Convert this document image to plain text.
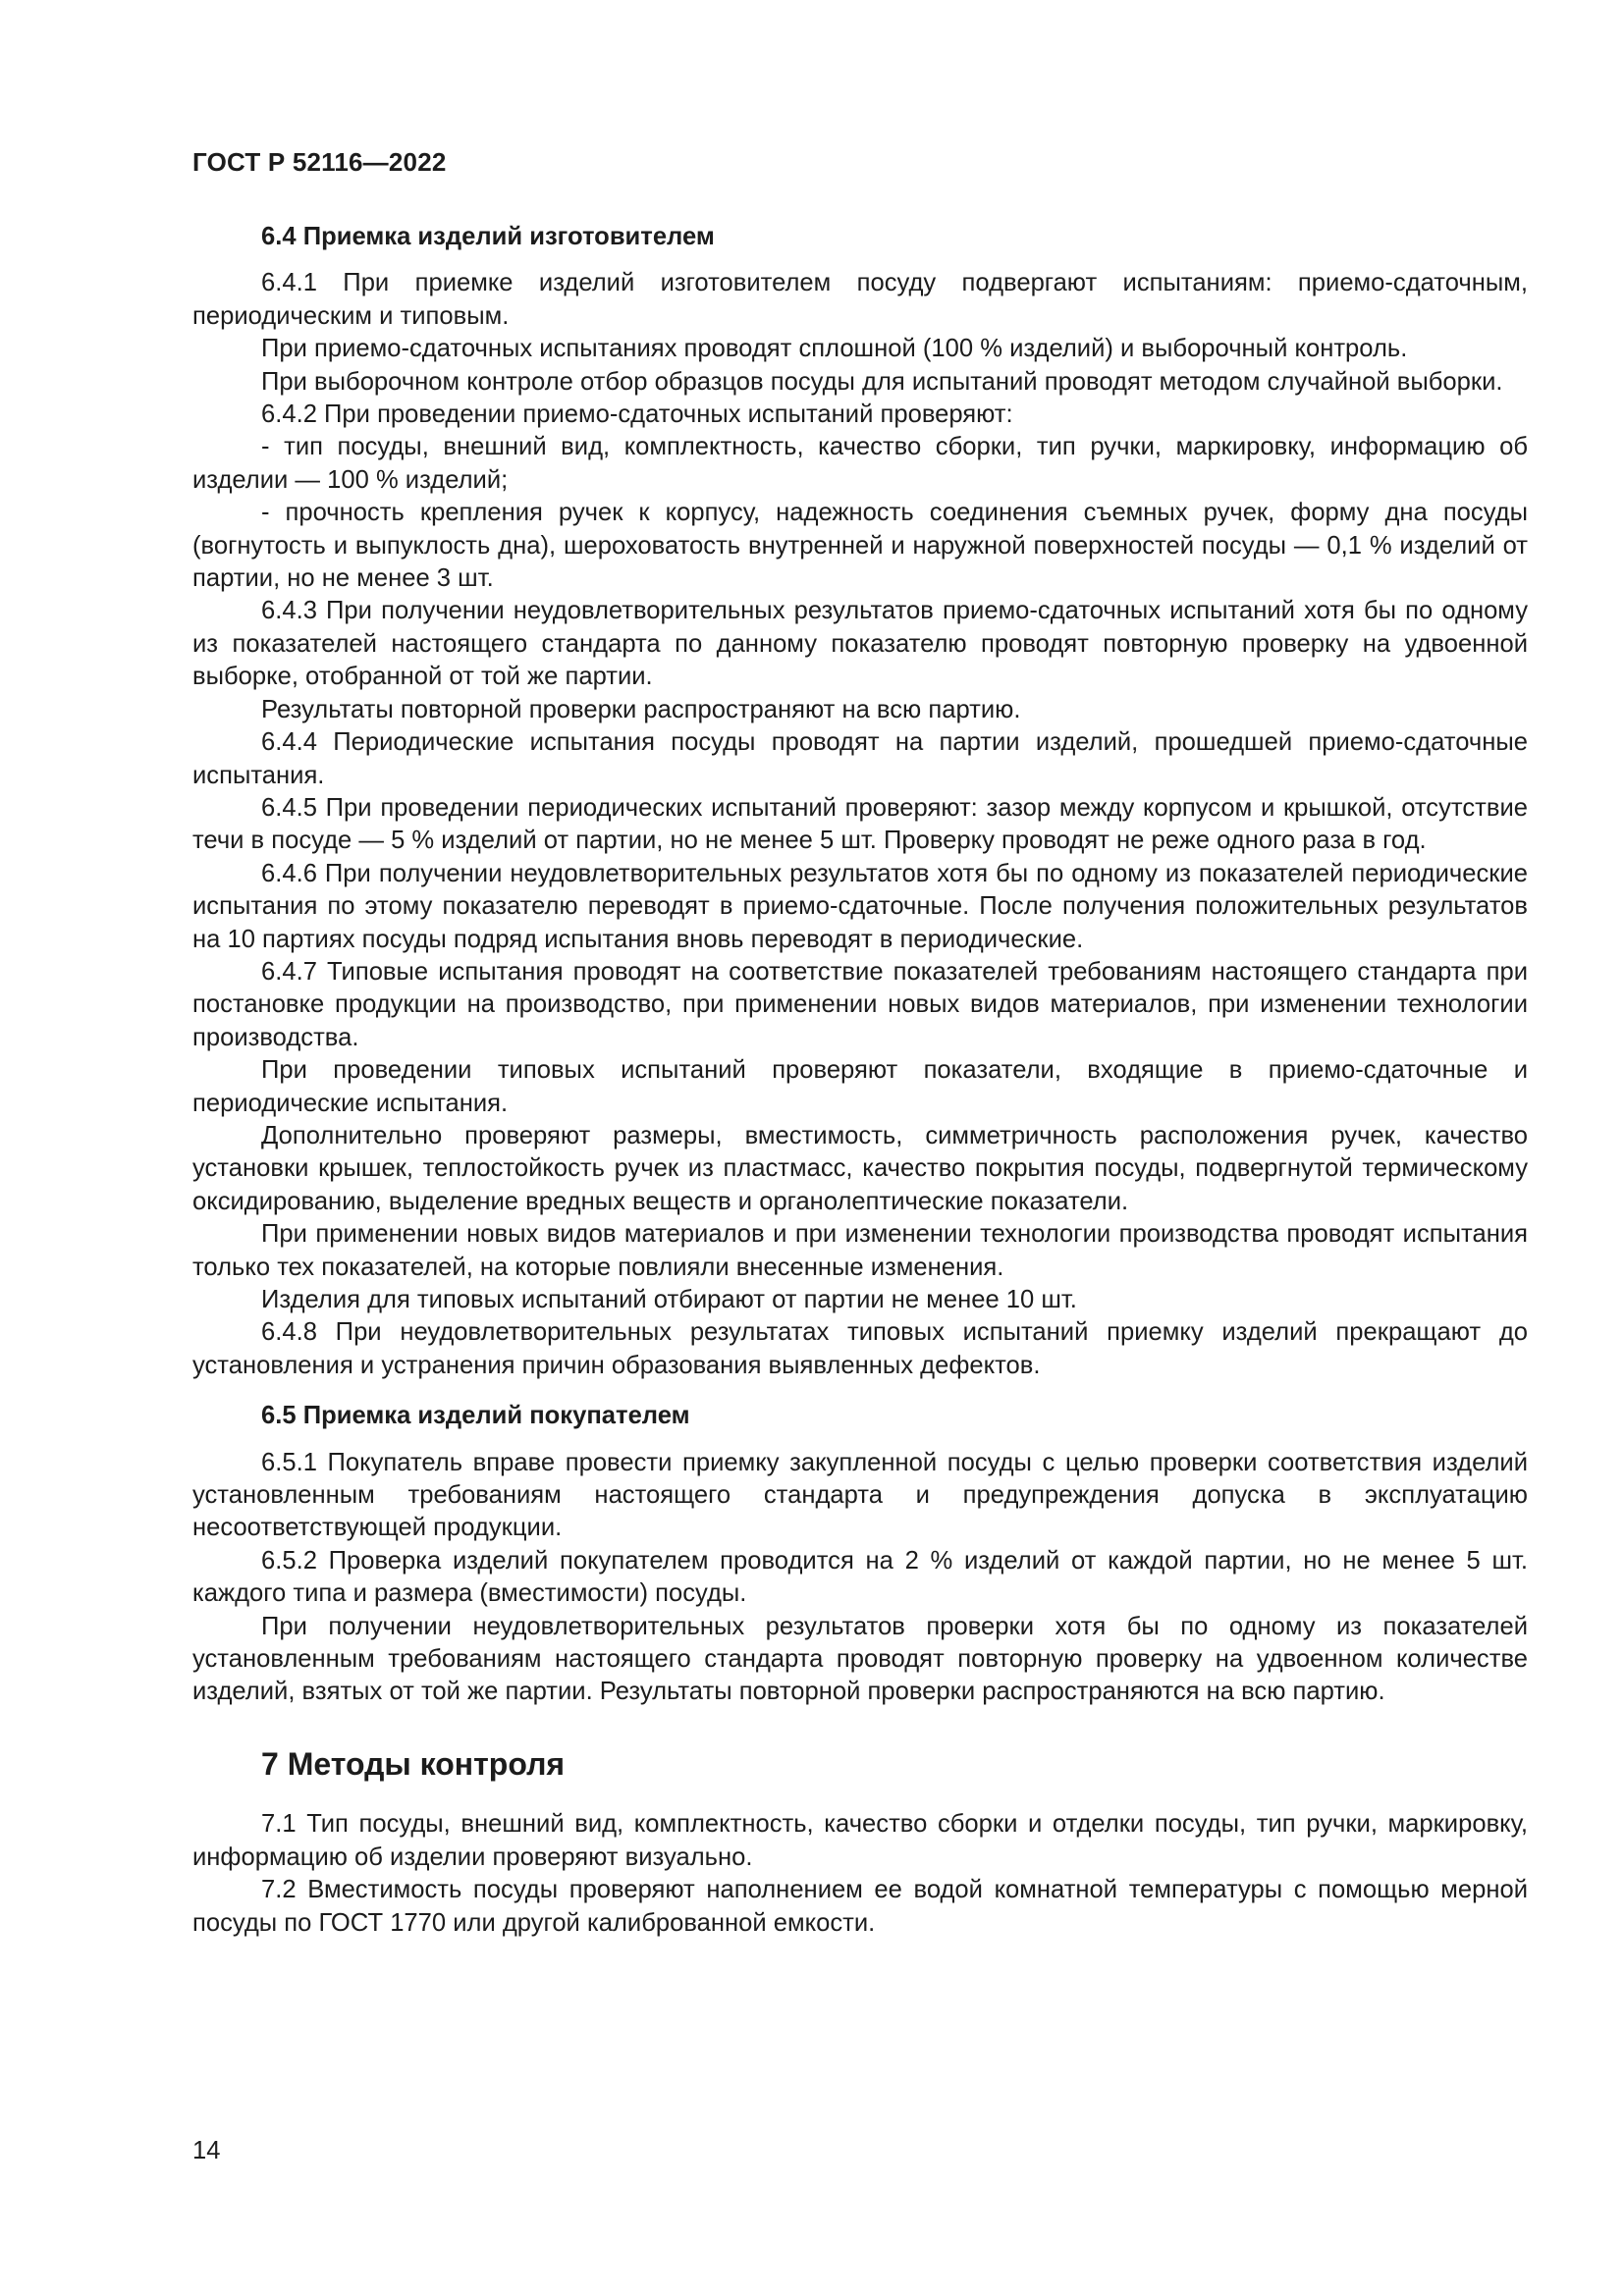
ГОСТ Р 52116—2022
6.4 Приемка изделий изготовителем

6.4.1 При приемке изделий изготовителем посуду подвергают испытаниям: приемо-сдаточным, периодическим и типовым.

При приемо-сдаточных испытаниях проводят сплошной (100 % изделий) и выборочный контроль.

При выборочном контроле отбор образцов посуды для испытаний проводят методом случайной выборки.

6.4.2 При проведении приемо-сдаточных испытаний проверяют:

- тип посуды, внешний вид, комплектность, качество сборки, тип ручки, маркировку, информацию об изделии — 100 % изделий;

- прочность крепления ручек к корпусу, надежность соединения съемных ручек, форму дна посуды (вогнутость и выпуклость дна), шероховатость внутренней и наружной поверхностей посуды — 0,1 % изделий от партии, но не менее 3 шт.

6.4.3 При получении неудовлетворительных результатов приемо-сдаточных испытаний хотя бы по одному из показателей настоящего стандарта по данному показателю проводят повторную проверку на удвоенной выборке, отобранной от той же партии.

Результаты повторной проверки распространяют на всю партию.

6.4.4 Периодические испытания посуды проводят на партии изделий, прошедшей приемо-сдаточные испытания.

6.4.5 При проведении периодических испытаний проверяют: зазор между корпусом и крышкой, отсутствие течи в посуде — 5 % изделий от партии, но не менее 5 шт. Проверку проводят не реже одного раза в год.

6.4.6 При получении неудовлетворительных результатов хотя бы по одному из показателей периодические испытания по этому показателю переводят в приемо-сдаточные. После получения положительных результатов на 10 партиях посуды подряд испытания вновь переводят в периодические.

6.4.7 Типовые испытания проводят на соответствие показателей требованиям настоящего стандарта при постановке продукции на производство, при применении новых видов материалов, при изменении технологии производства.

При проведении типовых испытаний проверяют показатели, входящие в приемо-сдаточные и периодические испытания.

Дополнительно проверяют размеры, вместимость, симметричность расположения ручек, качество установки крышек, теплостойкость ручек из пластмасс, качество покрытия посуды, подвергнутой термическому оксидированию, выделение вредных веществ и органолептические показатели.

При применении новых видов материалов и при изменении технологии производства проводят испытания только тех показателей, на которые повлияли внесенные изменения.

Изделия для типовых испытаний отбирают от партии не менее 10 шт.

6.4.8 При неудовлетворительных результатах типовых испытаний приемку изделий прекращают до установления и устранения причин образования выявленных дефектов.

6.5 Приемка изделий покупателем

6.5.1 Покупатель вправе провести приемку закупленной посуды с целью проверки соответствия изделий установленным требованиям настоящего стандарта и предупреждения допуска в эксплуатацию несоответствующей продукции.

6.5.2 Проверка изделий покупателем проводится на 2 % изделий от каждой партии, но не менее 5 шт. каждого типа и размера (вместимости) посуды.

При получении неудовлетворительных результатов проверки хотя бы по одному из показателей установленным требованиям настоящего стандарта проводят повторную проверку на удвоенном количестве изделий, взятых от той же партии. Результаты повторной проверки распространяются на всю партию.

7 Методы контроля

7.1 Тип посуды, внешний вид, комплектность, качество сборки и отделки посуды, тип ручки, маркировку, информацию об изделии проверяют визуально.

7.2 Вместимость посуды проверяют наполнением ее водой комнатной температуры с помощью мерной посуды по ГОСТ 1770 или другой калиброванной емкости.

14
